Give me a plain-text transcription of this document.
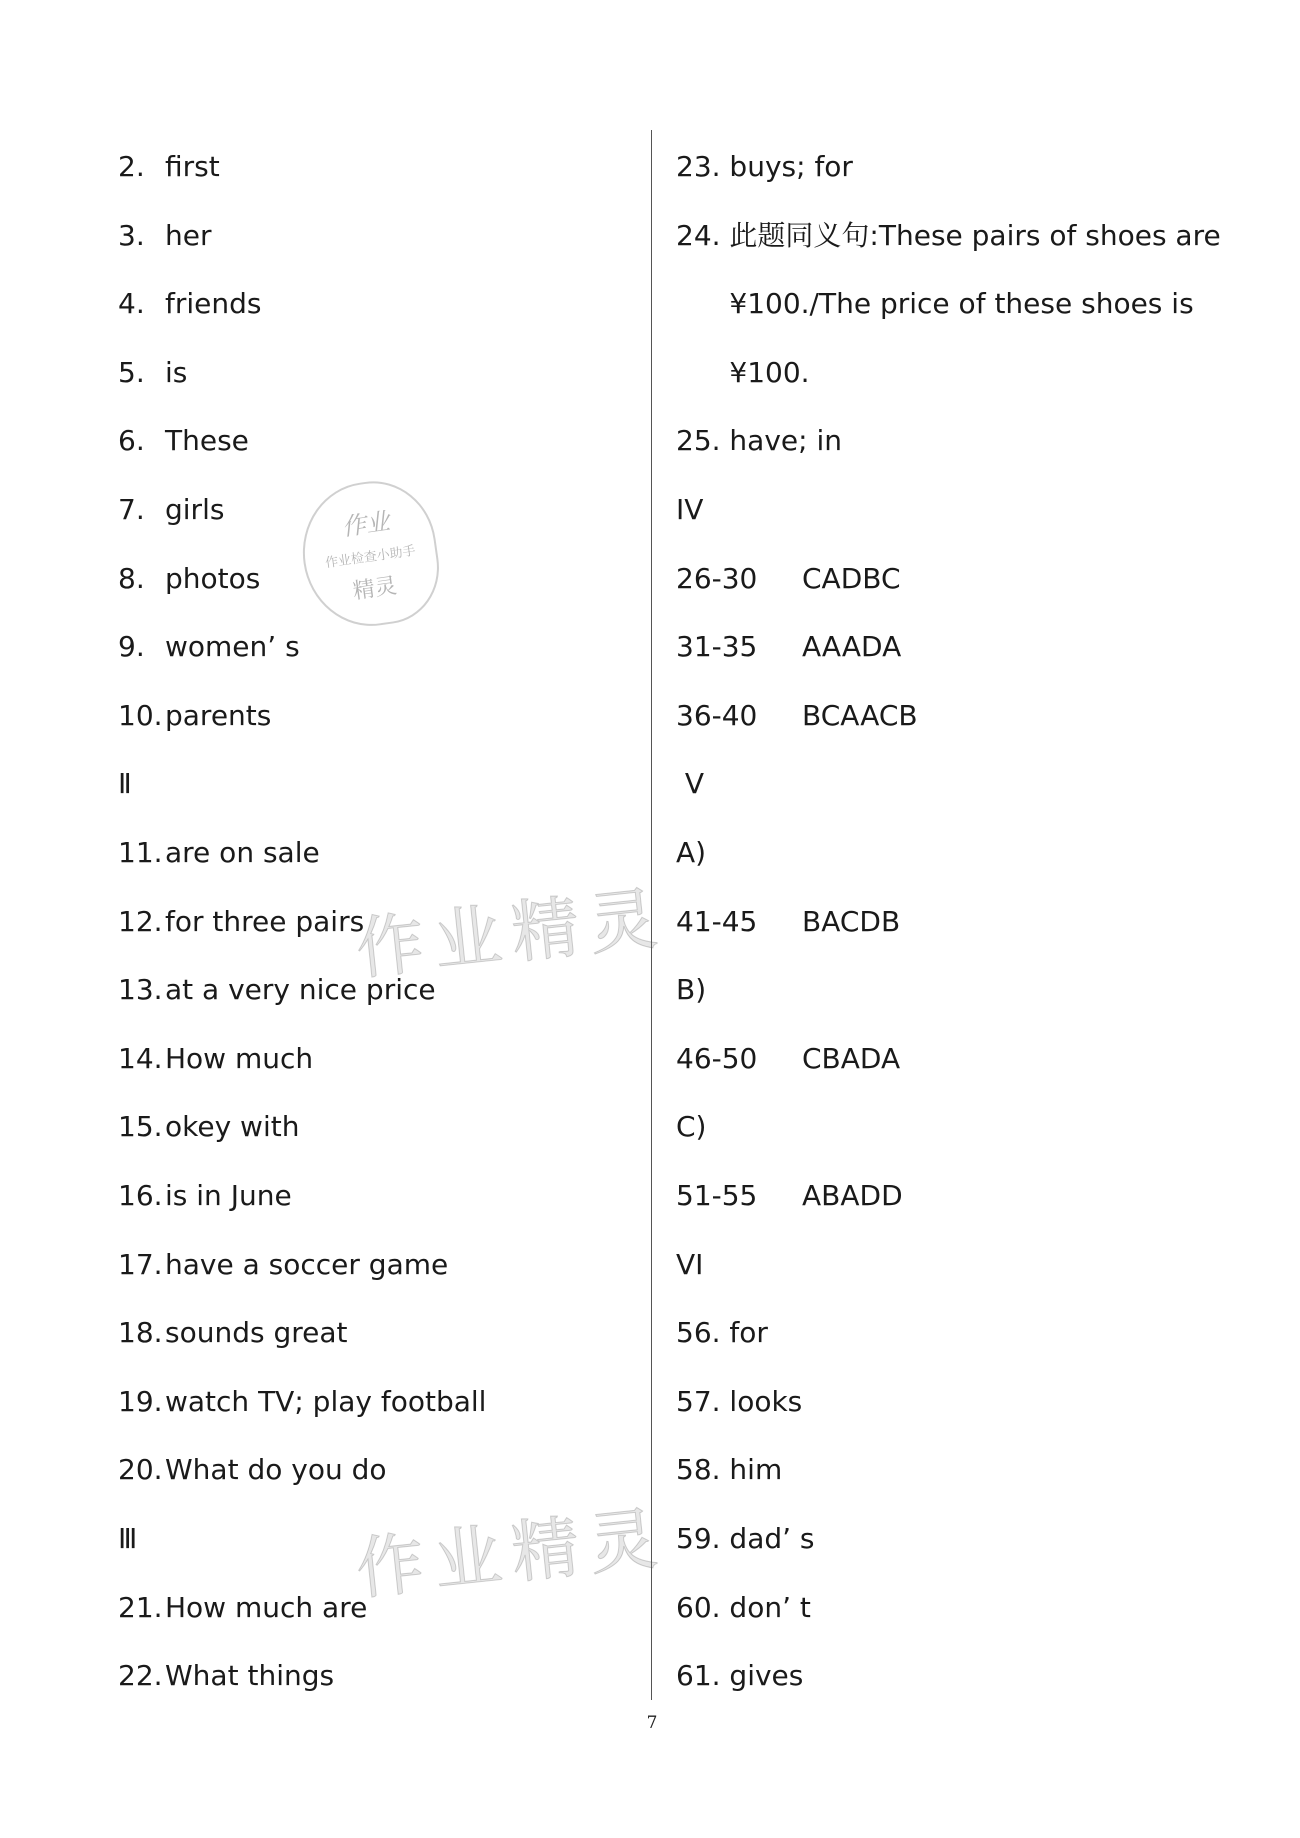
2. first
3. her
4. friends
5. is
6. These
7. girls
8. photos
9. women’ s
10.parents
Ⅱ
11.are on sale
12.for three pairs
13.at a very nice price
14.How much
15.okey with
16.is in June
17.have a soccer game
18.sounds great
19.watch TV; play football
20.What do you do
Ⅲ
21.How much are
22.What things
23. buys; for
24. 此题同义句:These pairs of shoes are
¥100./The price of these shoes is
¥100.
25. have; in
IV
26-30 CADBC
31-35 AAADA
36-40 BCAACB
V
A)
41-45 BACDB
B)
46-50 CBADA
C)
51-55 ABADD
VI
56. for
57. looks
58. him
59. dad’ s
60. don’ t
61. gives
作业精灵
作业精灵
作业
作业检查小助手
精灵
7
